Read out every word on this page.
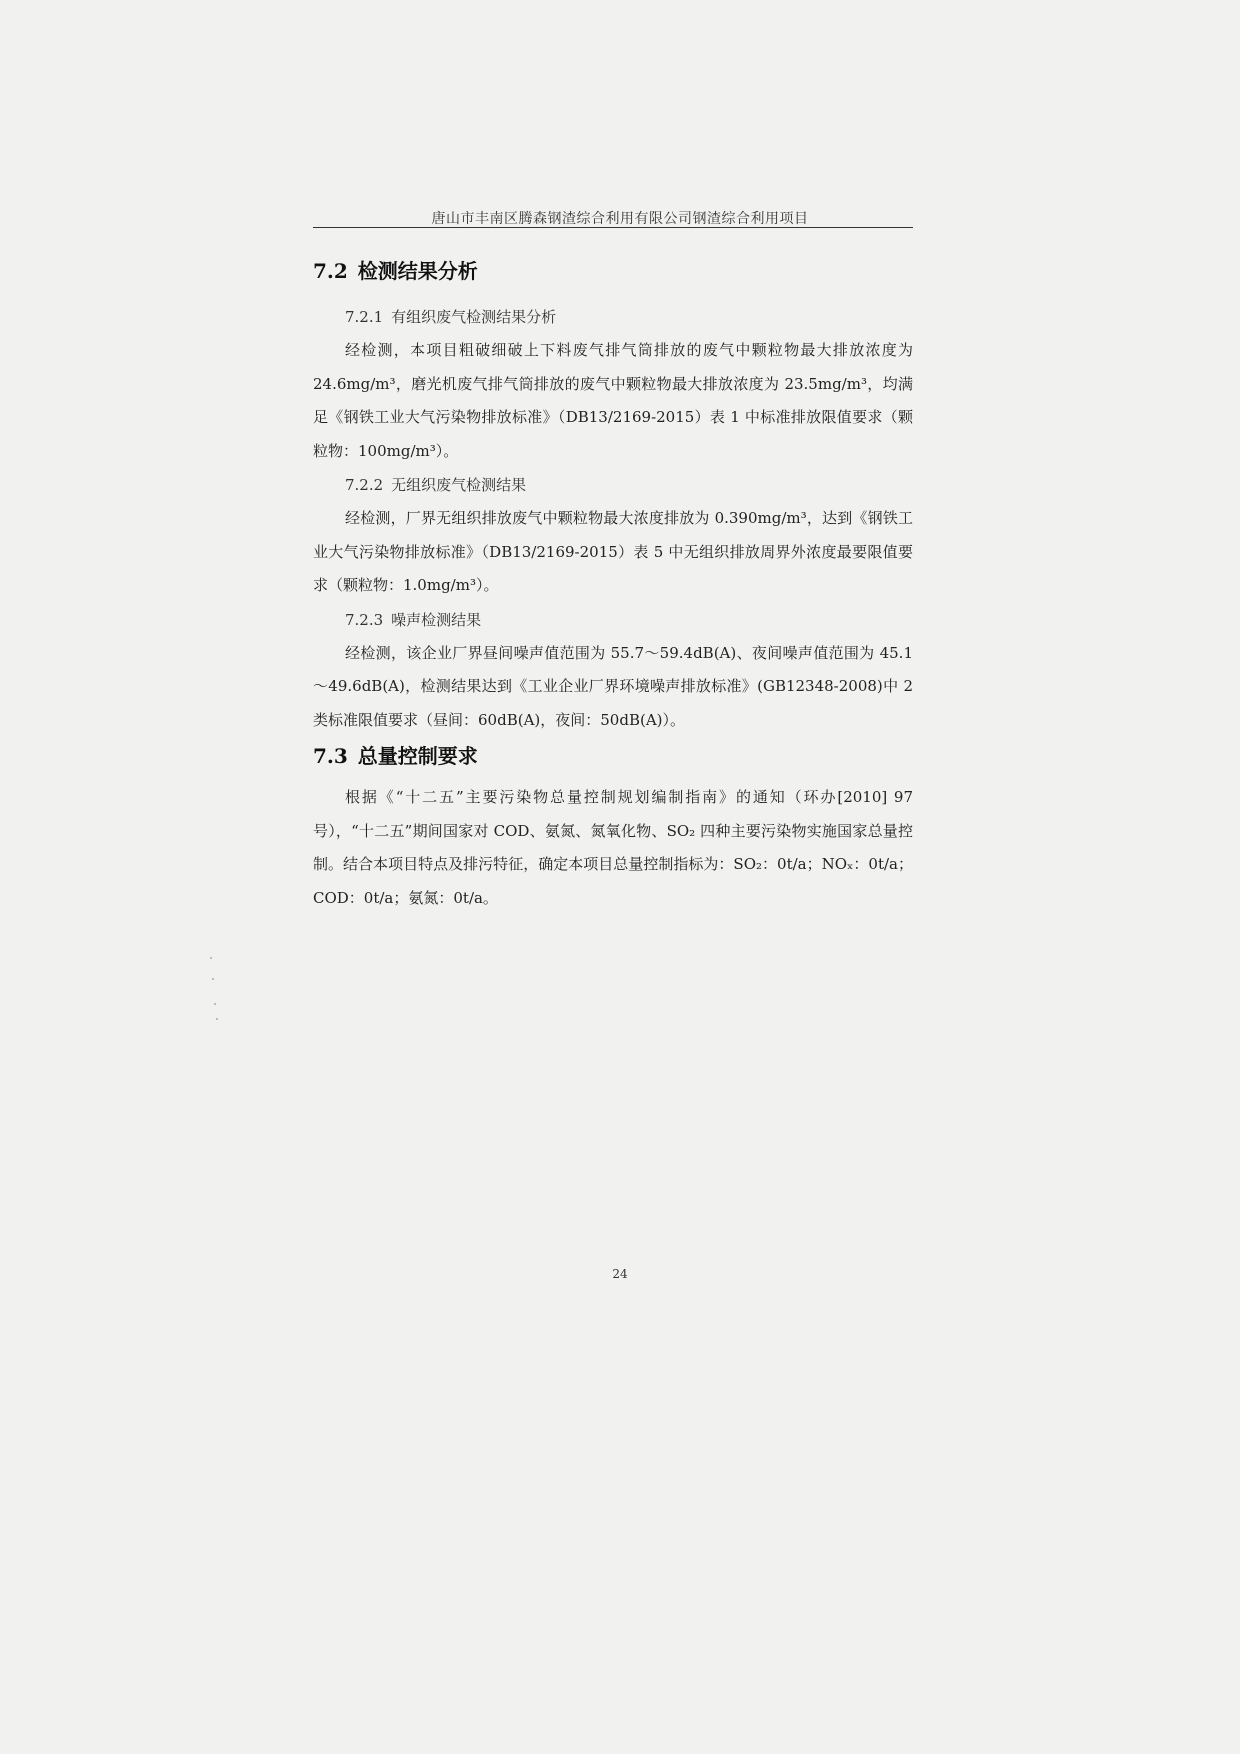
唐山市丰南区腾森钢渣综合利用有限公司钢渣综合利用项目
7.2 检测结果分析
7.2.1 有组织废气检测结果分析

经检测，本项目粗破细破上下料废气排气筒排放的废气中颗粒物最大排放浓度为 24.6mg/m³，磨光机废气排气筒排放的废气中颗粒物最大排放浓度为 23.5mg/m³，均满足《钢铁工业大气污染物排放标准》（DB13/2169-2015）表 1 中标准排放限值要求（颗粒物：100mg/m³）。

7.2.2 无组织废气检测结果

经检测，厂界无组织排放废气中颗粒物最大浓度排放为 0.390mg/m³，达到《钢铁工业大气污染物排放标准》（DB13/2169-2015）表 5 中无组织排放周界外浓度最要限值要求（颗粒物：1.0mg/m³）。

7.2.3 噪声检测结果

经检测，该企业厂界昼间噪声值范围为 55.7～59.4dB(A)、夜间噪声值范围为 45.1～49.6dB(A)，检测结果达到《工业企业厂界环境噪声排放标准》(GB12348-2008)中 2 类标准限值要求（昼间：60dB(A)，夜间：50dB(A)）。

7.3 总量控制要求

根据《“十二五”主要污染物总量控制规划编制指南》的通知（环办[2010] 97 号），“十二五”期间国家对 COD、氨氮、氮氧化物、SO₂ 四种主要污染物实施国家总量控制。结合本项目特点及排污特征，确定本项目总量控制指标为：SO₂：0t/a；NOₓ：0t/a；COD：0t/a；氨氮：0t/a。

24
